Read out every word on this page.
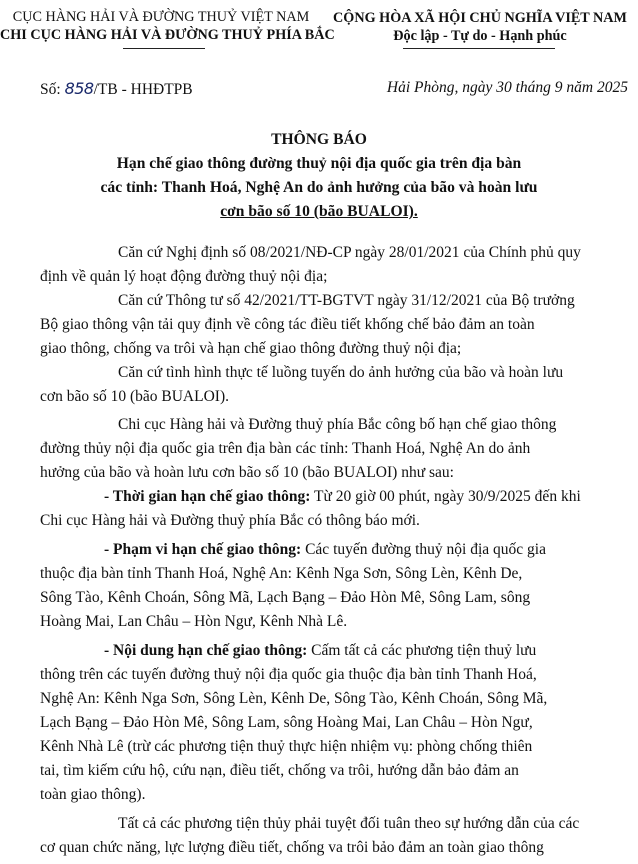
CỤC HÀNG HẢI VÀ ĐƯỜNG THUỶ VIỆT NAM
CHI CỤC HÀNG HẢI VÀ ĐƯỜNG THUỶ PHÍA BẮC
CỘNG HÒA XÃ HỘI CHỦ NGHĨA VIỆT NAM
Độc lập - Tự do - Hạnh phúc
Số: 858/TB - HHĐTPB	Hải Phòng, ngày 30 tháng 9 năm 2025
THÔNG BÁO
Hạn chế giao thông đường thuỷ nội địa quốc gia trên địa bàn
các tỉnh: Thanh Hoá, Nghệ An do ảnh hưởng của bão và hoàn lưu
cơn bão số 10 (bão BUALOI).
Căn cứ Nghị định số 08/2021/NĐ-CP ngày 28/01/2021 của Chính phủ quy
định về quản lý hoạt động đường thuỷ nội địa;
Căn cứ Thông tư số 42/2021/TT-BGTVT ngày 31/12/2021 của Bộ trưởng
Bộ giao thông vận tải quy định về công tác điều tiết khống chế bảo đảm an toàn
giao thông, chống va trôi và hạn chế giao thông đường thuỷ nội địa;
Căn cứ tình hình thực tế luồng tuyến do ảnh hưởng của bão và hoàn lưu
cơn bão số 10 (bão BUALOI).
Chi cục Hàng hải và Đường thuỷ phía Bắc công bố hạn chế giao thông
đường thủy nội địa quốc gia trên địa bàn các tỉnh: Thanh Hoá, Nghệ An do ảnh
hưởng của bão và hoàn lưu cơn bão số 10 (bão BUALOI) như sau:
- Thời gian hạn chế giao thông: Từ 20 giờ 00 phút, ngày 30/9/2025 đến khi
Chi cục Hàng hải và Đường thuỷ phía Bắc có thông báo mới.
- Phạm vi hạn chế giao thông: Các tuyến đường thuỷ nội địa quốc gia
thuộc địa bàn tỉnh Thanh Hoá, Nghệ An: Kênh Nga Sơn, Sông Lèn, Kênh De,
Sông Tào, Kênh Choán, Sông Mã, Lạch Bạng – Đảo Hòn Mê, Sông Lam, sông
Hoàng Mai, Lan Châu – Hòn Ngư, Kênh Nhà Lê.
- Nội dung hạn chế giao thông: Cấm tất cả các phương tiện thuỷ lưu
thông trên các tuyến đường thuỷ nội địa quốc gia thuộc địa bàn tỉnh Thanh Hoá,
Nghệ An: Kênh Nga Sơn, Sông Lèn, Kênh De, Sông Tào, Kênh Choán, Sông Mã,
Lạch Bạng – Đảo Hòn Mê, Sông Lam, sông Hoàng Mai, Lan Châu – Hòn Ngư,
Kênh Nhà Lê (trừ các phương tiện thuỷ thực hiện nhiệm vụ: phòng chống thiên
tai, tìm kiếm cứu hộ, cứu nạn, điều tiết, chống va trôi, hướng dẫn bảo đảm an
toàn giao thông).
Tất cả các phương tiện thủy phải tuyệt đối tuân theo sự hướng dẫn của các
cơ quan chức năng, lực lượng điều tiết, chống va trôi bảo đảm an toàn giao thông
